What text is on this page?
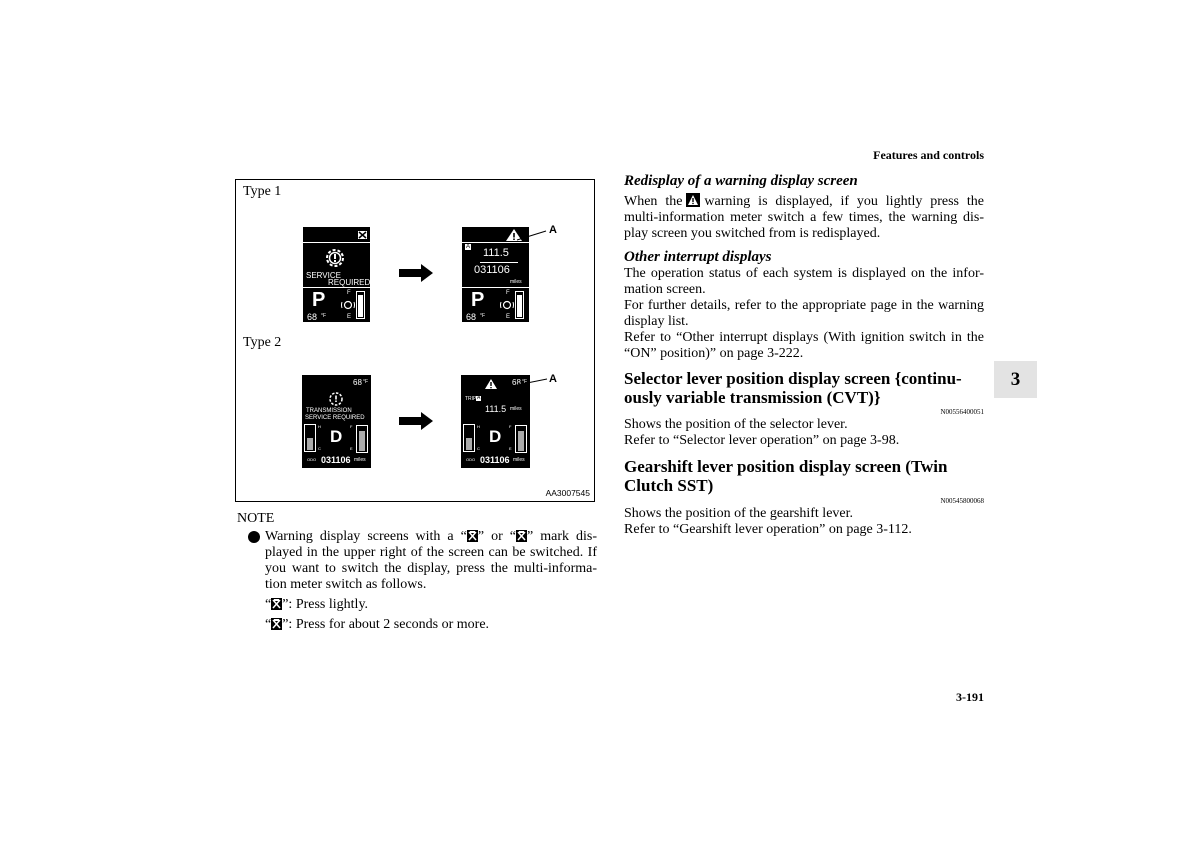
Features and controls
3
3-191
Type 1
Type 2
SERVICE
REQUIRED
P	F
E
68 °F
A 111.5
031106
miles
P	F
E
68 °F
A
68 °F
TRANSMISSION
SERVICE REQUIRED
H
C
F
E
D
ODO 031106 miles
68 °F
TRIP A
111.5 miles
H
C
F
E
D
ODO 031106 miles
A
AA3007545
NOTE
Warning display screens with a “ ” or “ ” mark dis-
played in the upper right of the screen can be switched. If
you want to switch the display, press the multi-informa-
tion meter switch as follows.
“ ”: Press lightly.
“ ”: Press for about 2 seconds or more.
Redisplay of a warning display screen
When the warning is displayed, if you lightly press the
multi-information meter switch a few times, the warning dis-
play screen you switched from is redisplayed.
Other interrupt displays
The operation status of each system is displayed on the infor-
mation screen.
For further details, refer to the appropriate page in the warning
display list.
Refer to “Other interrupt displays (With ignition switch in the
“ON” position)” on page 3-222.
Selector lever position display screen {continu-
ously variable transmission (CVT)}
N00556400051
Shows the position of the selector lever.
Refer to “Selector lever operation” on page 3-98.
Gearshift lever position display screen (Twin
Clutch SST)
N00545800068
Shows the position of the gearshift lever.
Refer to “Gearshift lever operation” on page 3-112.
